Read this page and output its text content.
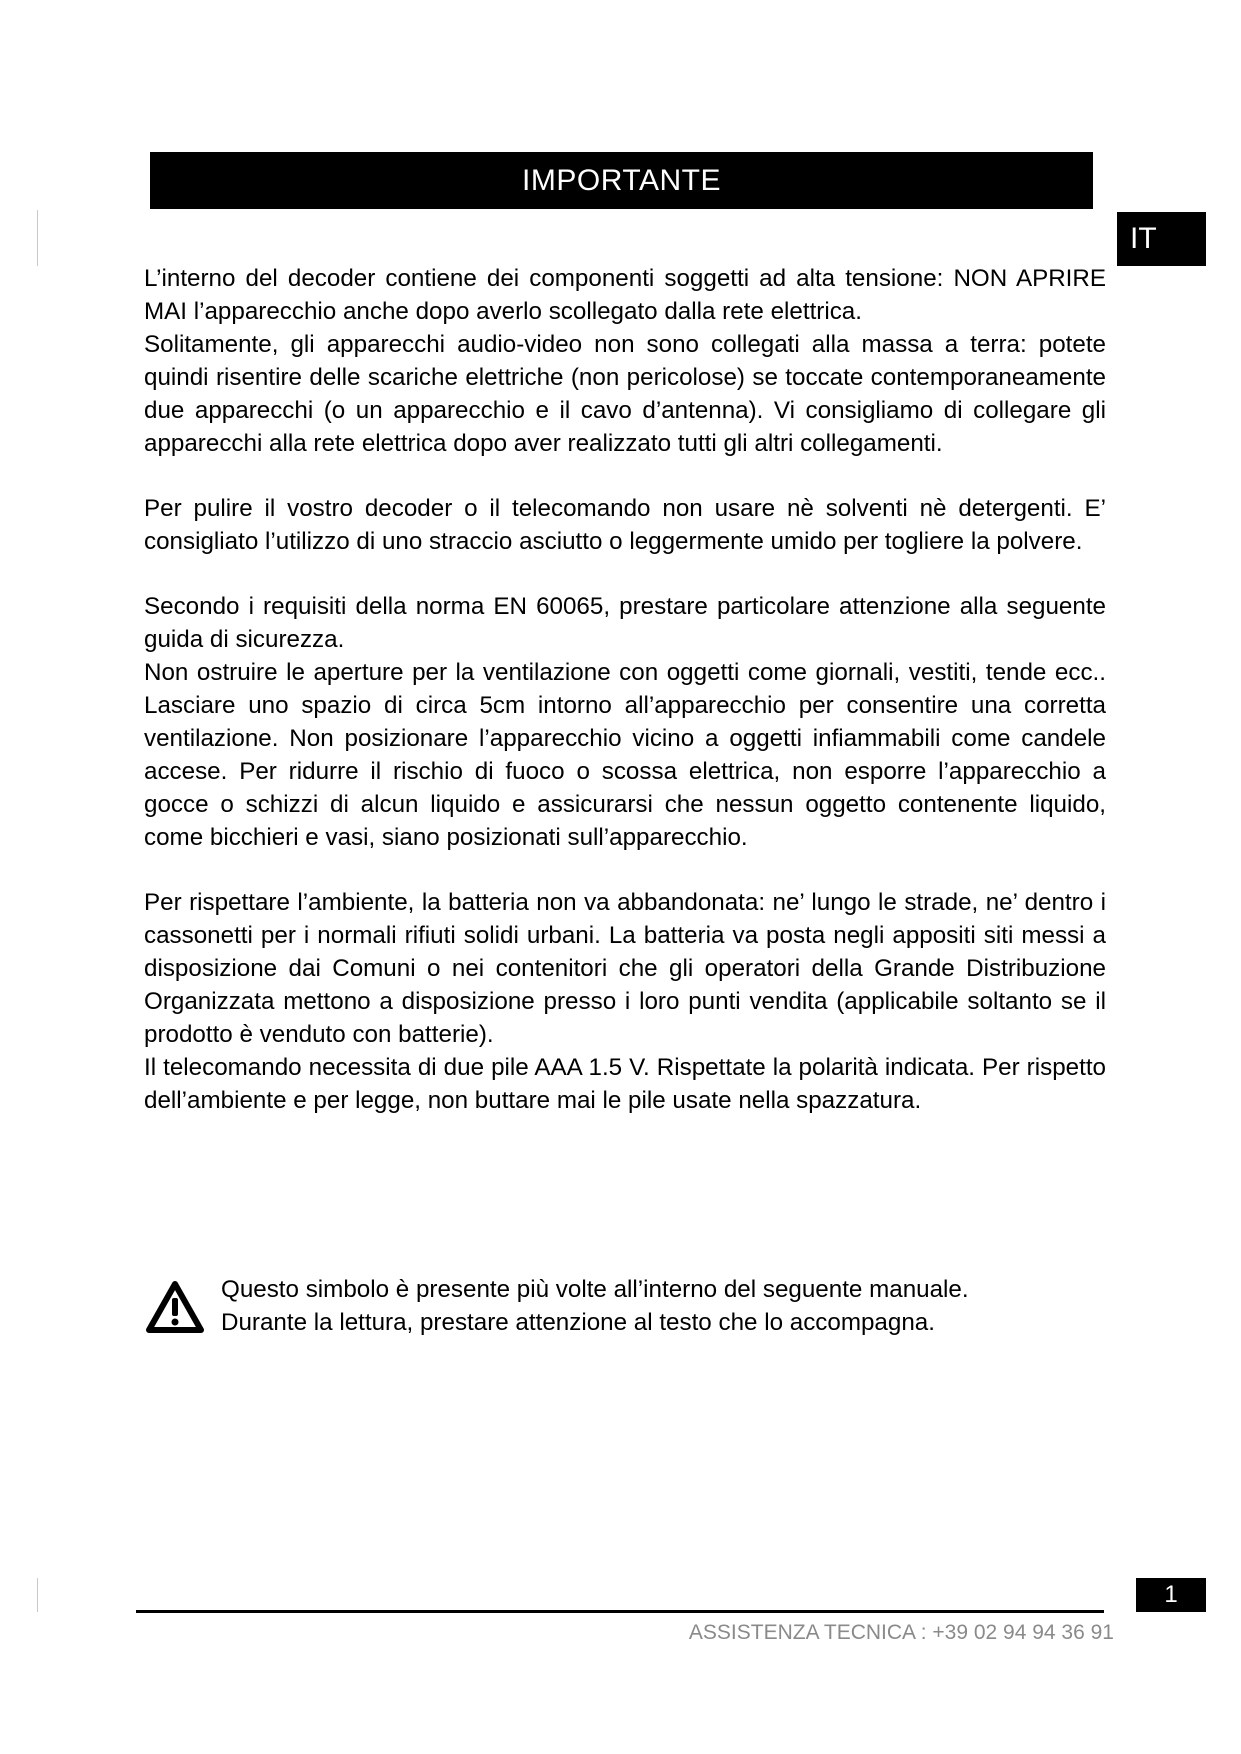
IMPORTANTE
IT

L’interno del decoder contiene dei componenti soggetti ad alta tensione: NON APRIRE MAI l’apparecchio anche dopo averlo scollegato dalla rete elettrica.

Solitamente, gli apparecchi audio-video non sono collegati alla massa a terra: potete quindi risentire delle scariche elettriche (non pericolose) se toccate contemporaneamente due apparecchi (o un apparecchio e il cavo d’antenna). Vi consigliamo di collegare gli apparecchi alla rete elettrica dopo aver realizzato tutti gli altri collegamenti.

Per pulire il vostro decoder o il telecomando non usare nè solventi nè detergenti. E’ consigliato l’utilizzo di uno straccio asciutto o leggermente umido per togliere la polvere.

Secondo i requisiti della norma EN 60065, prestare particolare attenzione alla seguente guida di sicurezza.

Non ostruire le aperture per la ventilazione con oggetti come giornali, vestiti, tende ecc.. Lasciare uno spazio di circa 5cm intorno all’apparecchio per consentire una corretta ventilazione. Non posizionare l’apparecchio vicino a oggetti infiammabili come candele accese. Per ridurre il rischio di fuoco o scossa elettrica, non esporre l’apparecchio a gocce o schizzi di alcun liquido e assicurarsi che nessun oggetto contenente liquido, come bicchieri e vasi, siano posizionati sull’apparecchio.

Per rispettare l’ambiente, la batteria non va abbandonata: ne’ lungo le strade, ne’ dentro i cassonetti per i normali rifiuti solidi urbani. La batteria va posta negli appositi siti messi a disposizione dai Comuni o nei contenitori che gli operatori della Grande Distribuzione Organizzata mettono a disposizione presso i loro punti vendita (applicabile soltanto se il prodotto è venduto con batterie).

Il telecomando necessita di due pile AAA 1.5 V. Rispettate la polarità indicata. Per rispetto dell’ambiente e per legge, non buttare mai le pile usate nella spazzatura.

Questo simbolo è presente più volte all’interno del seguente manuale.
Durante la lettura, prestare attenzione al testo che lo accompagna.
1
ASSISTENZA TECNICA : +39 02 94 94 36 91
